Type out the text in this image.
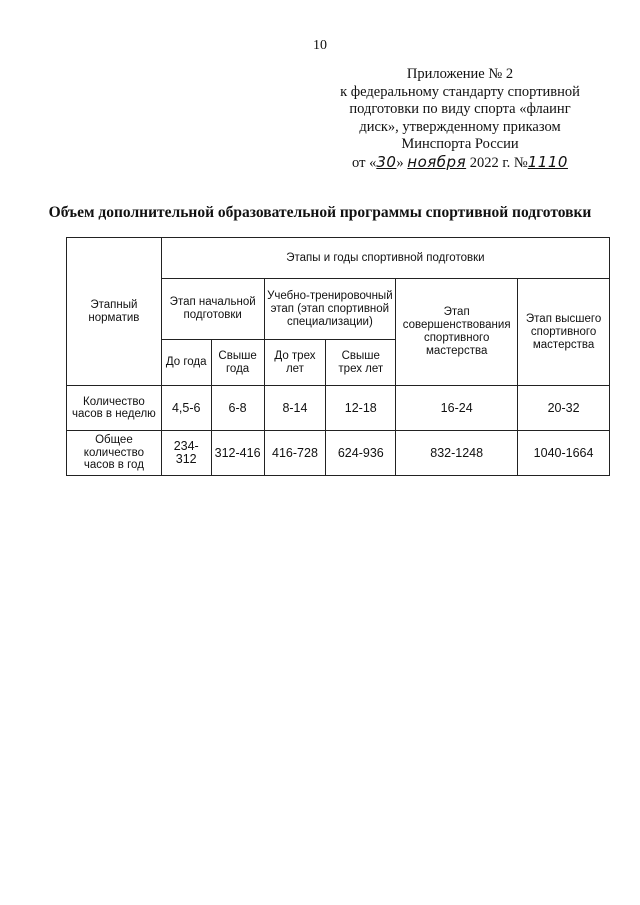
10
Приложение № 2
к федеральному стандарту спортивной
подготовки по виду спорта «флаинг
диск», утвержденному приказом
Минспорта России
от «30» ноября 2022 г. №1110
Объем дополнительной образовательной программы спортивной подготовки
Этапный норматив	Этапы и годы спортивной подготовки					
	Этап начальной подготовки		Учебно-тренировочный этап (этап спортивной специализации)		Этап совершенствования спортивного мастерства	Этап высшего спортивного мастерства
	До года	Свыше года	До трех лет	Свыше трех лет		
Количество часов в неделю	4,5-6	6-8	8-14	12-18	16-24	20-32
Общее количество часов в год	234-312	312-416	416-728	624-936	832-1248	1040-1664
